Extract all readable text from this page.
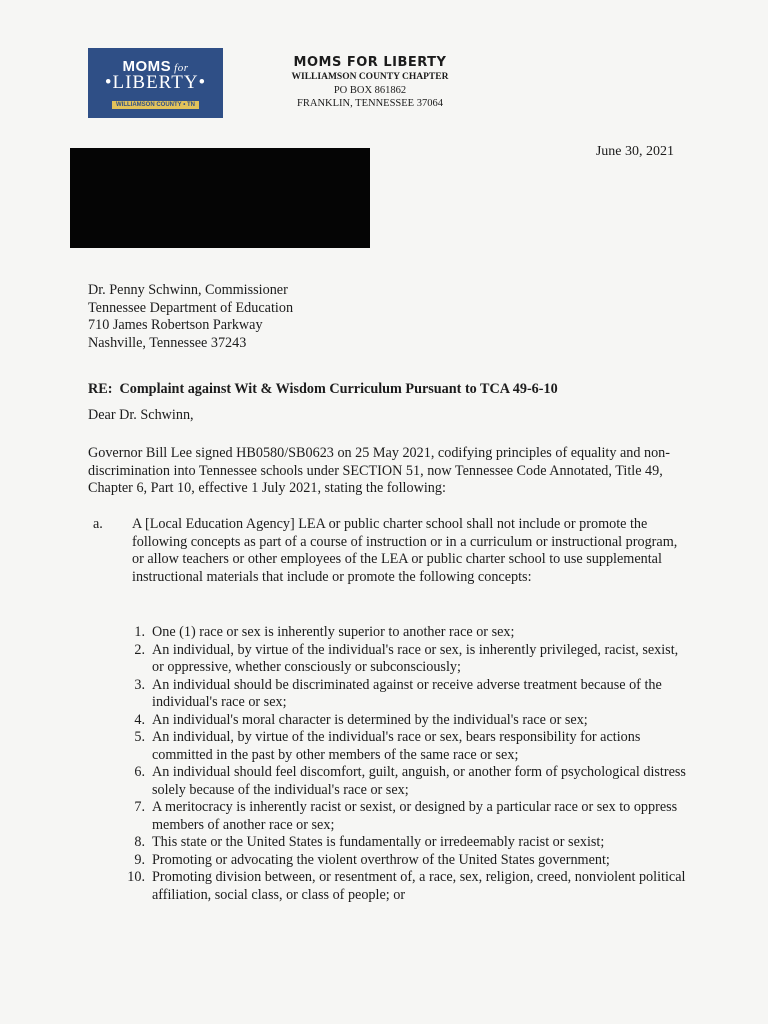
MOMS for
•LIBERTY•
WILLIAMSON COUNTY • TN
MOMS FOR LIBERTY
WILLIAMSON COUNTY CHAPTER
PO BOX 861862
FRANKLIN, TENNESSEE 37064
June 30, 2021
Dr. Penny Schwinn, Commissioner
Tennessee Department of Education
710 James Robertson Parkway
Nashville, Tennessee 37243
RE:  Complaint against Wit & Wisdom Curriculum Pursuant to TCA 49-6-10
Dear Dr. Schwinn,
Governor Bill Lee signed HB0580/SB0623 on 25 May 2021, codifying principles of equality and non-discrimination into Tennessee schools under SECTION 51, now Tennessee Code Annotated, Title 49, Chapter 6, Part 10, effective 1 July 2021, stating the following:
a. A [Local Education Agency] LEA or public charter school shall not include or promote the following concepts as part of a course of instruction or in a curriculum or instructional program, or allow teachers or other employees of the LEA or public charter school to use supplemental instructional materials that include or promote the following concepts:
1. One (1) race or sex is inherently superior to another race or sex;
2. An individual, by virtue of the individual's race or sex, is inherently privileged, racist, sexist, or oppressive, whether consciously or subconsciously;
3. An individual should be discriminated against or receive adverse treatment because of the individual's race or sex;
4. An individual's moral character is determined by the individual's race or sex;
5. An individual, by virtue of the individual's race or sex, bears responsibility for actions committed in the past by other members of the same race or sex;
6. An individual should feel discomfort, guilt, anguish, or another form of psychological distress solely because of the individual's race or sex;
7. A meritocracy is inherently racist or sexist, or designed by a particular race or sex to oppress members of another race or sex;
8. This state or the United States is fundamentally or irredeemably racist or sexist;
9. Promoting or advocating the violent overthrow of the United States government;
10. Promoting division between, or resentment of, a race, sex, religion, creed, nonviolent political affiliation, social class, or class of people; or
